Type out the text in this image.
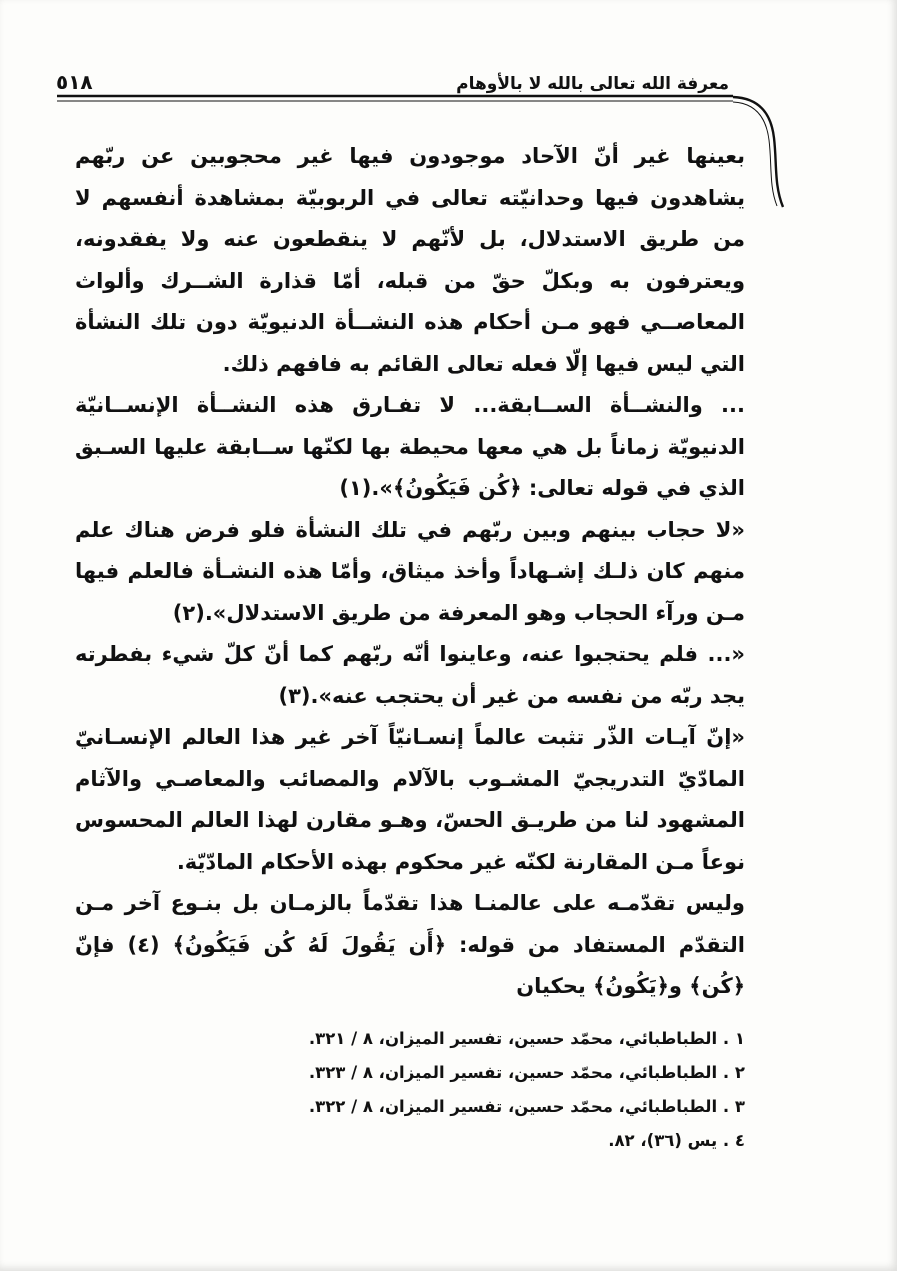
٥١٨	معرفة الله تعالى بالله لا بالأوهام

بعينها غير أنّ الآحاد موجودون فيها غير محجوبين عن ربّهم يشاهدون فيها وحدانيّته تعالى في الربوبيّة بمشاهدة أنفسهم لا من طريق الاستدلال، بل لأنّهم لا ينقطعون عنه ولا يفقدونه، ويعترفون به وبكلّ حقّ من قبله، أمّا قذارة الشــرك وألواث المعاصــي فهو مـن أحكام هذه النشــأة الدنيويّة دون تلك النشأة التي ليس فيها إلّا فعله تعالى القائم به فافهم ذلك.

... والنشــأة الســابقة... لا تفـارق هذه النشــأة الإنســانيّة الدنيويّة زماناً بل هي معها محيطة بها لكنّها ســابقة عليها السـبق الذي في قوله تعالى: ﴿كُن فَيَكُونُ﴾».(١)

«لا حجاب بينهم وبين ربّهم في تلك النشأة فلو فرض هناك علم منهم كان ذلـك إشـهاداً وأخذ ميثاق، وأمّا هذه النشـأة فالعلم فيها مـن ورآء الحجاب وهو المعرفة من طريق الاستدلال».(٢)

«... فلم يحتجبوا عنه، وعاينوا أنّه ربّهم كما أنّ كلّ شيء بفطرته يجد ربّه من نفسه من غير أن يحتجب عنه».(٣)

«إنّ آيـات الذّر تثبت عالماً إنسـانيّاً آخر غير هذا العالم الإنسـانيّ المادّيّ التدريجيّ المشـوب بالآلام والمصائب والمعاصـي والآثام المشهود لنا من طريـق الحسّ، وهـو مقارن لهذا العالم المحسوس نوعاً مـن المقارنة لكنّه غير محكوم بهذه الأحكام المادّيّة.

وليس تقدّمـه على عالمنـا هذا تقدّماً بالزمـان بل بنـوع آخر مـن التقدّم المستفاد من قوله: ﴿أَن يَقُولَ لَهُ كُن فَيَكُونُ﴾ (٤) فإنّ ﴿كُن﴾ و﴿يَكُونُ﴾ يحكيان

١ . الطباطبائي، محمّد حسين، تفسير الميزان، ٨ / ٣٢١.

٢ . الطباطبائي، محمّد حسين، تفسير الميزان، ٨ / ٣٢٣.

٣ . الطباطبائي، محمّد حسين، تفسير الميزان، ٨ / ٣٢٢.

٤ . يس (٣٦)، ٨٢.
